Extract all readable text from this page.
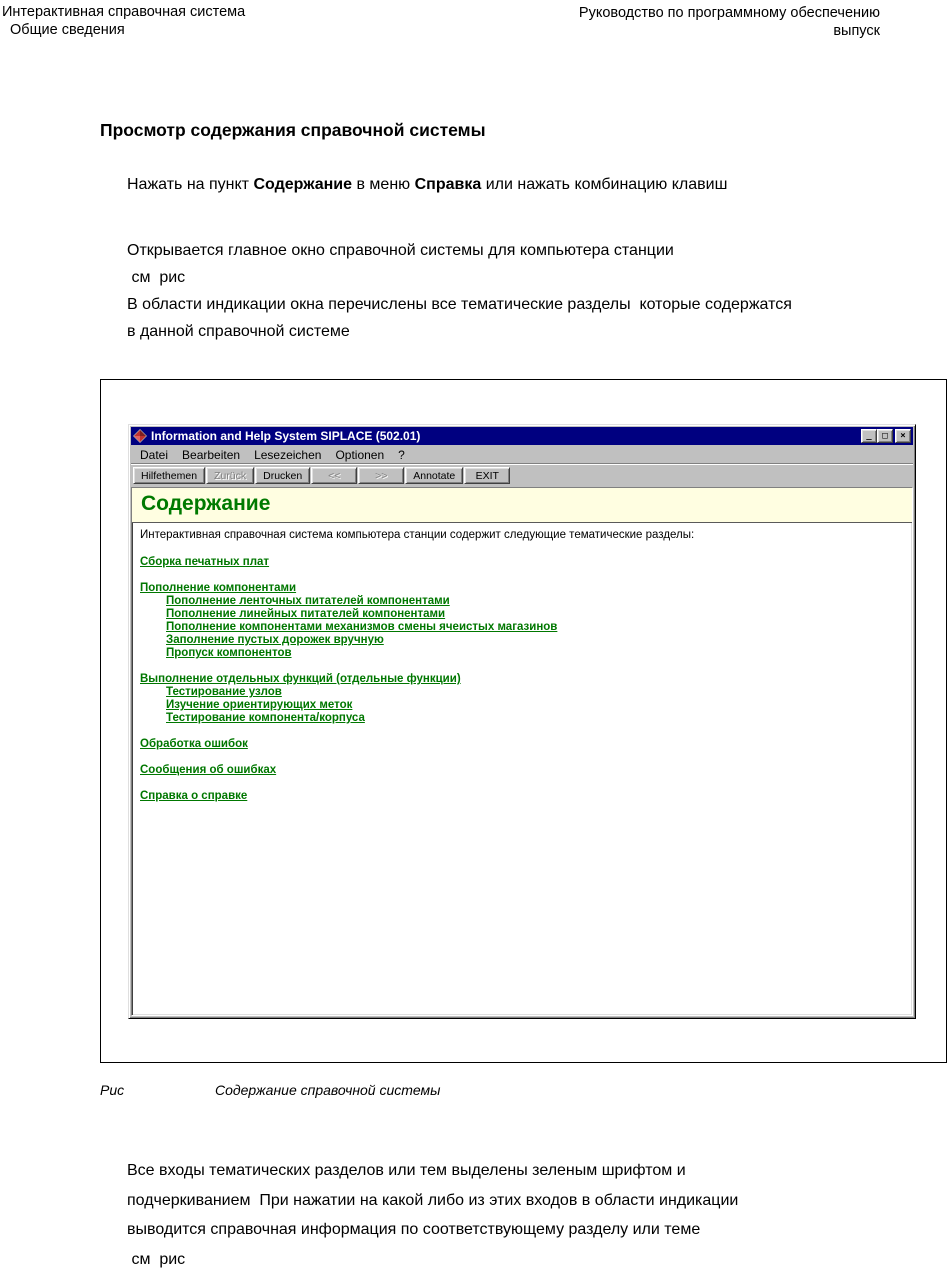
Интерактивная справочная система
Общие сведения
Руководство по программному обеспечению
выпуск
Просмотр содержания справочной системы
Нажать на пункт Содержание в меню Справка или нажать комбинацию клавиш
Открывается главное окно справочной системы для компьютера станции
см  рис
В области индикации окна перечислены все тематические разделы  которые содержатся
в данной справочной системе
Information and Help System SIPLACE (502.01)	_	□	×
Datei	Bearbeiten	Lesezeichen	Optionen	?
Hilfethemen	Zurück	Drucken	<<	>>	Annotate	EXIT
Содержание
Интерактивная справочная система компьютера станции содержит следующие тематические разделы:
Сборка печатных плат
Пополнение компонентами
Пополнение ленточных питателей компонентами
Пополнение линейных питателей компонентами
Пополнение компонентами механизмов смены ячеистых магазинов
Заполнение пустых дорожек вручную
Пропуск компонентов
Выполнение отдельных функций (отдельные функции)
Тестирование узлов
Изучение ориентирующих меток
Тестирование компонента/корпуса
Обработка ошибок
Сообщения об ошибках
Справка о справке
Рис	Содержание справочной системы
Все входы тематических разделов или тем выделены зеленым шрифтом и
подчеркиванием  При нажатии на какой либо из этих входов в области индикации
выводится справочная информация по соответствующему разделу или теме
см  рис
